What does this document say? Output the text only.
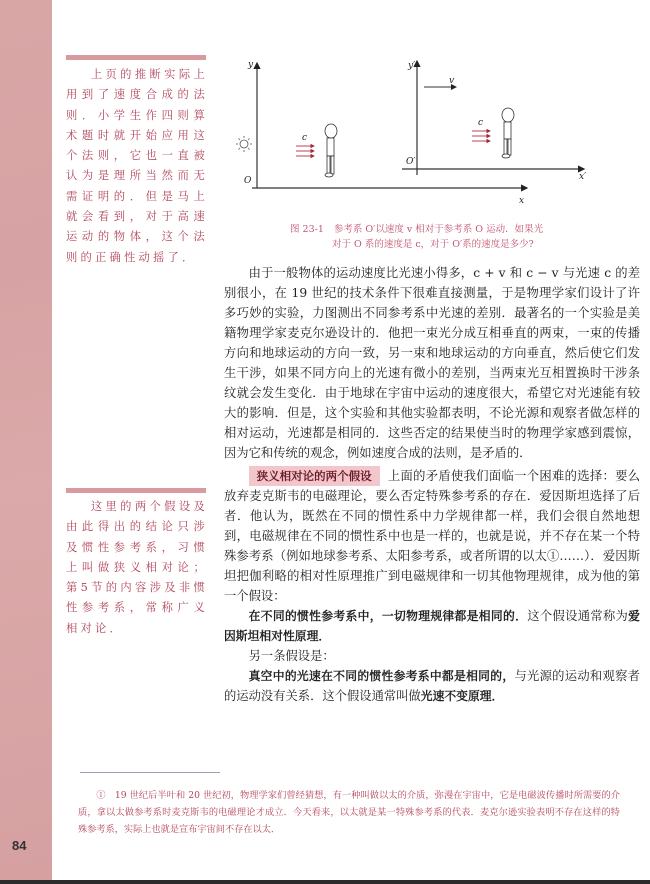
84
上页的推断实际上用到了速度合成的法则．小学生作四则算术题时就开始应用这个法则，它也一直被认为是理所当然而无需证明的．但是马上就会看到，对于高速运动的物体，这个法则的正确性动摇了．
这里的两个假设及由此得出的结论只涉及惯性参考系，习惯上叫做狭义相对论；第5节的内容涉及非惯性参考系，常称广义相对论．
y
O
x
c
y′
O′
x′
v
c
图 23-1 参考系 O′以速度 v 相对于参考系 O 运动．如果光
对于 O 系的速度是 c，对于 O′系的速度是多少?

由于一般物体的运动速度比光速小得多，c + v 和 c − v 与光速 c 的差别很小，在 19 世纪的技术条件下很难直接测量，于是物理学家们设计了许多巧妙的实验，力图测出不同参考系中光速的差别．最著名的一个实验是美籍物理学家麦克尔逊设计的．他把一束光分成互相垂直的两束，一束的传播方向和地球运动的方向一致，另一束和地球运动的方向垂直，然后使它们发生干涉，如果不同方向上的光速有微小的差别，当两束光互相置换时干涉条纹就会发生变化．由于地球在宇宙中运动的速度很大，希望它对光速能有较大的影响．但是，这个实验和其他实验都表明，不论光源和观察者做怎样的相对运动，光速都是相同的．这些否定的结果使当时的物理学家感到震惊，因为它和传统的观念，例如速度合成的法则，是矛盾的．

狭义相对论的两个假设 上面的矛盾使我们面临一个困难的选择：要么放弃麦克斯韦的电磁理论，要么否定特殊参考系的存在．爱因斯坦选择了后者．他认为，既然在不同的惯性系中力学规律都一样，我们会很自然地想到，电磁规律在不同的惯性系中也是一样的，也就是说，并不存在某一个特殊参考系（例如地球参考系、太阳参考系，或者所谓的以太①……）．爱因斯坦把伽利略的相对性原理推广到电磁规律和一切其他物理规律，成为他的第一个假设：

在不同的惯性参考系中，一切物理规律都是相同的．这个假设通常称为爱因斯坦相对性原理．

另一条假设是：

真空中的光速在不同的惯性参考系中都是相同的，与光源的运动和观察者的运动没有关系．这个假设通常叫做光速不变原理．

①　19 世纪后半叶和 20 世纪初，物理学家们曾经猜想，有一种叫做以太的介质，弥漫在宇宙中，它是电磁波传播时所需要的介质，拿以太做参考系时麦克斯韦的电磁理论才成立．今天看来，以太就是某一特殊参考系的代表．麦克尔逊实验表明不存在这样的特殊参考系，实际上也就是宣布宇宙间不存在以太．
